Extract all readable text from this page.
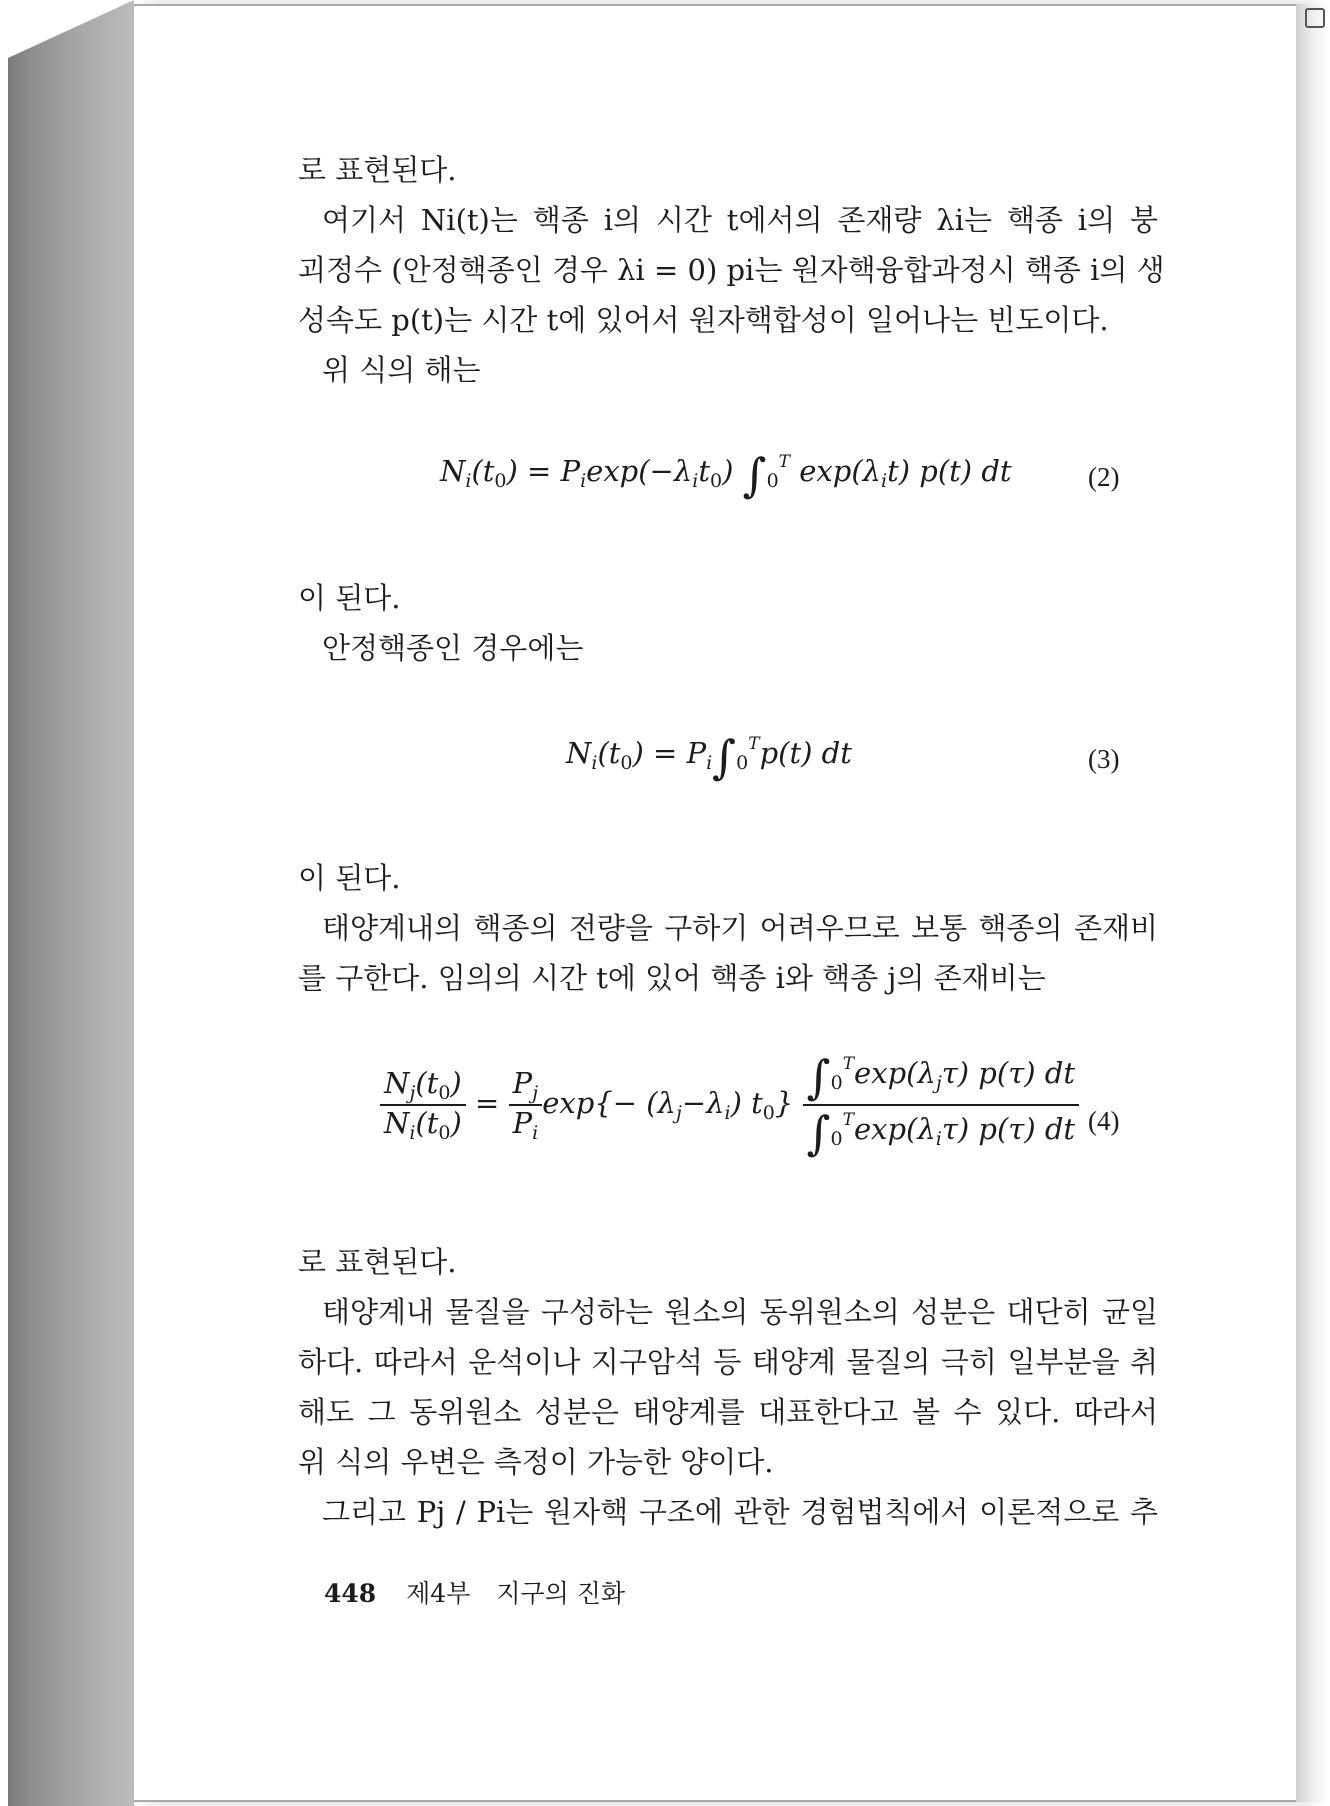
로 표현된다.
여기서 Ni(t)는 핵종 i의 시간 t에서의 존재량 λi는 핵종 i의 붕
괴정수 (안정핵종인 경우 λi = 0) pi는 원자핵융합과정시 핵종 i의 생
성속도 p(t)는 시간 t에 있어서 원자핵합성이 일어나는 빈도이다.
위 식의 해는
$N_i(t_0) = P_i\exp(-\lambda_it_0)$ $\int_0^T$ $\exp(\lambda_it)$ p(t) dt	(2)
이 된다.
안정핵종인 경우에는
$N_i(t_0) = P_i\int_0^Tp(t)$ dt	(3)
이 된다.
태양계내의 핵종의 전량을 구하기 어려우므로 보통 핵종의 존재비
를 구한다. 임의의 시간 t에 있어 핵종 i와 핵종 j의 존재비는
$\frac{N_j(t_0)}{N_i(t_0)} = \frac{P_j}{P_i} \exp\{- (\lambda_j-\lambda_i)$ $t_0\} \frac{\int_0^T\exp(\lambda_j\tau) p(\tau) dt}{\int_0^T\exp(\lambda_i\tau) p(\tau) dt} (4)$
로 표현된다.
태양계내 물질을 구성하는 원소의 동위원소의 성분은 대단히 균일
하다. 따라서 운석이나 지구암석 등 태양계 물질의 극히 일부분을 취
해도 그 동위원소 성분은 태양계를 대표한다고 볼 수 있다. 따라서
위 식의 우변은 측정이 가능한 양이다.
그리고 Pj / Pi는 원자핵 구조에 관한 경험법칙에서 이론적으로 추
448 제4부 지구의 진화
